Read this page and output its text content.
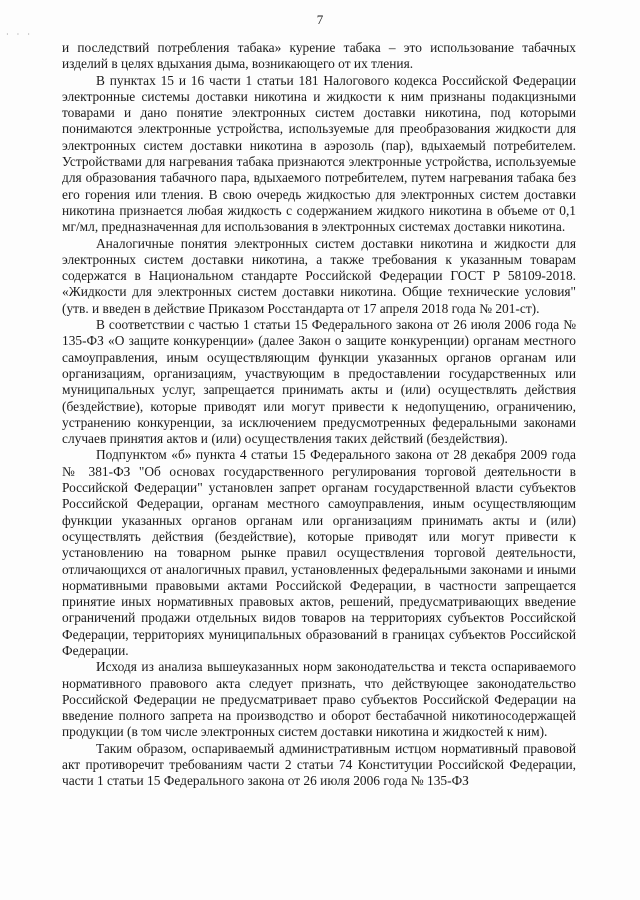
· · ·
7

и последствий потребления табака» курение табака – это использование табачных изделий в целях вдыхания дыма, возникающего от их тления.

В пунктах 15 и 16 части 1 статьи 181 Налогового кодекса Российской Федерации электронные системы доставки никотина и жидкости к ним признаны подакцизными товарами и дано понятие электронных систем доставки никотина, под которыми понимаются электронные устройства, используемые для преобразования жидкости для электронных систем доставки никотина в аэрозоль (пар), вдыхаемый потребителем. Устройствами для нагревания табака признаются электронные устройства, используемые для образования табачного пара, вдыхаемого потребителем, путем нагревания табака без его горения или тления. В свою очередь жидкостью для электронных систем доставки никотина признается любая жидкость с содержанием жидкого никотина в объеме от 0,1 мг/мл, предназначенная для использования в электронных системах доставки никотина.

Аналогичные понятия электронных систем доставки никотина и жидкости для электронных систем доставки никотина, а также требования к указанным товарам содержатся в Национальном стандарте Российской Федерации ГОСТ Р 58109-2018. «Жидкости для электронных систем доставки никотина. Общие технические условия" (утв. и введен в действие Приказом Росстандарта от 17 апреля 2018 года № 201-ст).

В соответствии с частью 1 статьи 15 Федерального закона от 26 июля 2006 года № 135-ФЗ «О защите конкуренции» (далее Закон о защите конкуренции) органам местного самоуправления, иным осуществляющим функции указанных органов органам или организациям, организациям, участвующим в предоставлении государственных или муниципальных услуг, запрещается принимать акты и (или) осуществлять действия (бездействие), которые приводят или могут привести к недопущению, ограничению, устранению конкуренции, за исключением предусмотренных федеральными законами случаев принятия актов и (или) осуществления таких действий (бездействия).

Подпунктом «б» пункта 4 статьи 15 Федерального закона от 28 декабря 2009 года № 381-ФЗ "Об основах государственного регулирования торговой деятельности в Российской Федерации" установлен запрет органам государственной власти субъектов Российской Федерации, органам местного самоуправления, иным осуществляющим функции указанных органов органам или организациям принимать акты и (или) осуществлять действия (бездействие), которые приводят или могут привести к установлению на товарном рынке правил осуществления торговой деятельности, отличающихся от аналогичных правил, установленных федеральными законами и иными нормативными правовыми актами Российской Федерации, в частности запрещается принятие иных нормативных правовых актов, решений, предусматривающих введение ограничений продажи отдельных видов товаров на территориях субъектов Российской Федерации, территориях муниципальных образований в границах субъектов Российской Федерации.

Исходя из анализа вышеуказанных норм законодательства и текста оспариваемого нормативного правового акта следует признать, что действующее законодательство Российской Федерации не предусматривает право субъектов Российской Федерации на введение полного запрета на производство и оборот бестабачной никотиносодержащей продукции (в том числе электронных систем доставки никотина и жидкостей к ним).

Таким образом, оспариваемый административным истцом нормативный правовой акт противоречит требованиям части 2 статьи 74 Конституции Российской Федерации, части 1 статьи 15 Федерального закона от 26 июля 2006 года № 135-ФЗ
